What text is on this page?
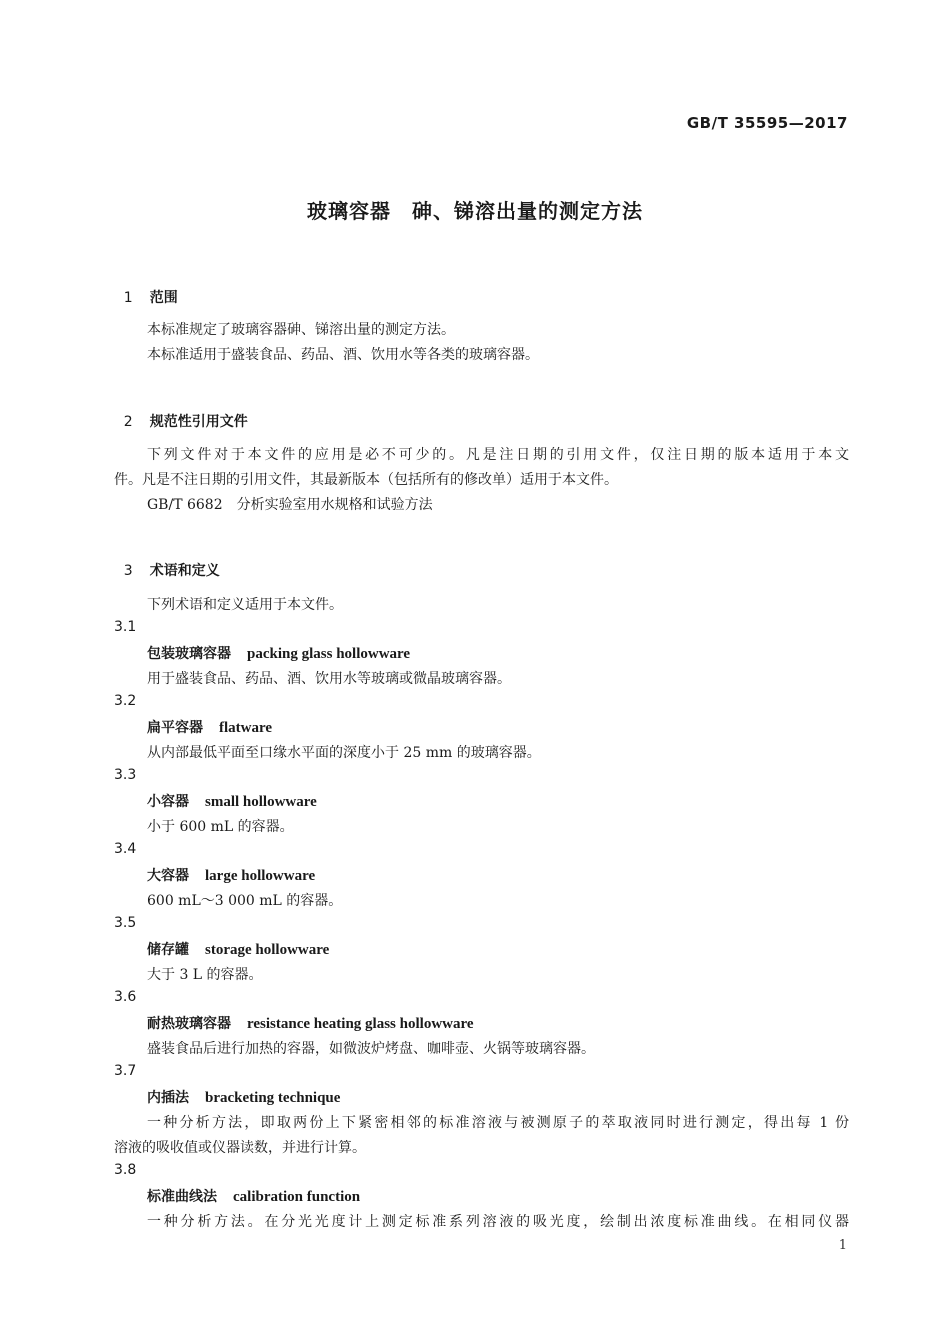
GB/T 35595—2017
玻璃容器　砷、锑溶出量的测定方法

1 范围

本标准规定了玻璃容器砷、锑溶出量的测定方法。
本标准适用于盛装食品、药品、酒、饮用水等各类的玻璃容器。

2 规范性引用文件

下列文件对于本文件的应用是必不可少的。凡是注日期的引用文件，仅注日期的版本适用于本文
件。凡是不注日期的引用文件，其最新版本（包括所有的修改单）适用于本文件。
GB/T 6682　分析实验室用水规格和试验方法

3 术语和定义

下列术语和定义适用于本文件。
3.1
包装玻璃容器 packing glass hollowware
用于盛装食品、药品、酒、饮用水等玻璃或微晶玻璃容器。
3.2
扁平容器 flatware
从内部最低平面至口缘水平面的深度小于 25 mm 的玻璃容器。
3.3
小容器 small hollowware
小于 600 mL 的容器。
3.4
大容器 large hollowware
600 mL～3 000 mL 的容器。
3.5
储存罐 storage hollowware
大于 3 L 的容器。
3.6
耐热玻璃容器 resistance heating glass hollowware
盛装食品后进行加热的容器，如微波炉烤盘、咖啡壶、火锅等玻璃容器。
3.7
内插法 bracketing technique
一种分析方法，即取两份上下紧密相邻的标准溶液与被测原子的萃取液同时进行测定，得出每 1 份
溶液的吸收值或仪器读数，并进行计算。
3.8
标准曲线法 calibration function
一种分析方法。在分光光度计上测定标准系列溶液的吸光度，绘制出浓度标准曲线。在相同仪器
1
